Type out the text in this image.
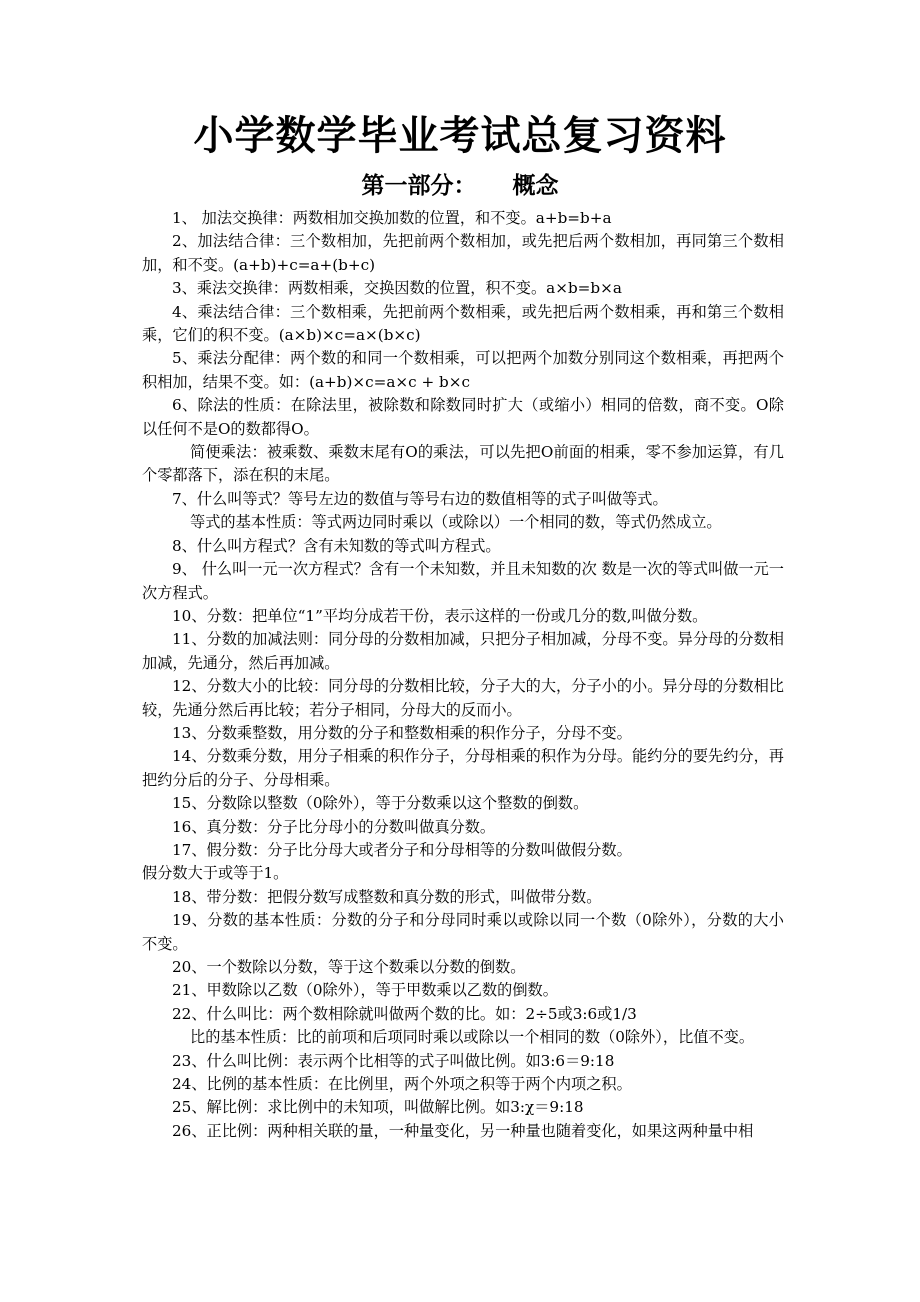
小学数学毕业考试总复习资料
第一部分： 概念

1、 加法交换律：两数相加交换加数的位置，和不变。a+b=b+a

2、加法结合律：三个数相加，先把前两个数相加，或先把后两个数相加，再同第三个数相加，和不变。(a+b)+c=a+(b+c)

3、乘法交换律：两数相乘，交换因数的位置，积不变。a×b=b×a

4、乘法结合律：三个数相乘，先把前两个数相乘，或先把后两个数相乘，再和第三个数相乘，它们的积不变。(a×b)×c=a×(b×c)

5、乘法分配律：两个数的和同一个数相乘，可以把两个加数分别同这个数相乘，再把两个积相加，结果不变。如：(a+b)×c=a×c + b×c

6、除法的性质：在除法里，被除数和除数同时扩大（或缩小）相同的倍数，商不变。O除以任何不是O的数都得O。

简便乘法：被乘数、乘数末尾有O的乘法，可以先把O前面的相乘，零不参加运算，有几个零都落下，添在积的末尾。

7、什么叫等式？等号左边的数值与等号右边的数值相等的式子叫做等式。

等式的基本性质：等式两边同时乘以（或除以）一个相同的数，等式仍然成立。

8、什么叫方程式？含有未知数的等式叫方程式。

9、 什么叫一元一次方程式？含有一个未知数，并且未知数的次 数是一次的等式叫做一元一次方程式。

10、分数：把单位“1”平均分成若干份，表示这样的一份或几分的数,叫做分数。

11、分数的加减法则：同分母的分数相加减，只把分子相加减，分母不变。异分母的分数相加减，先通分，然后再加减。

12、分数大小的比较：同分母的分数相比较，分子大的大，分子小的小。异分母的分数相比较，先通分然后再比较；若分子相同，分母大的反而小。

13、分数乘整数，用分数的分子和整数相乘的积作分子，分母不变。

14、分数乘分数，用分子相乘的积作分子，分母相乘的积作为分母。能约分的要先约分，再把约分后的分子、分母相乘。

15、分数除以整数（0除外），等于分数乘以这个整数的倒数。

16、真分数：分子比分母小的分数叫做真分数。

17、假分数：分子比分母大或者分子和分母相等的分数叫做假分数。

假分数大于或等于1。

18、带分数：把假分数写成整数和真分数的形式，叫做带分数。

19、分数的基本性质：分数的分子和分母同时乘以或除以同一个数（0除外），分数的大小不变。

20、一个数除以分数，等于这个数乘以分数的倒数。

21、甲数除以乙数（0除外），等于甲数乘以乙数的倒数。

22、什么叫比：两个数相除就叫做两个数的比。如：2÷5或3:6或1/3

比的基本性质：比的前项和后项同时乘以或除以一个相同的数（0除外），比值不变。

23、什么叫比例：表示两个比相等的式子叫做比例。如3:6＝9:18

24、比例的基本性质：在比例里，两个外项之积等于两个内项之积。

25、解比例：求比例中的未知项，叫做解比例。如3:χ＝9:18

26、正比例：两种相关联的量，一种量变化，另一种量也随着变化，如果这两种量中相
